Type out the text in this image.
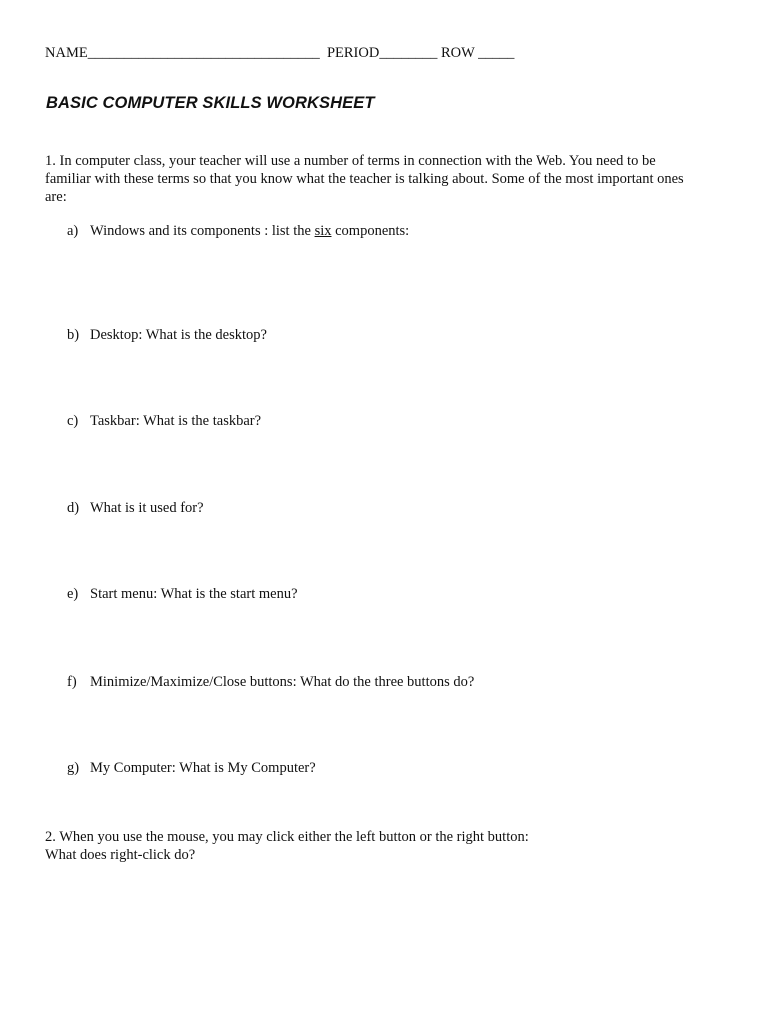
NAME________________________________ PERIOD________ ROW _____
BASIC COMPUTER SKILLS WORKSHEET
1. In computer class, your teacher will use a number of terms in connection with the Web. You need to be
familiar with these terms so that you know what the teacher is talking about. Some of the most important ones
are:
a) Windows and its components : list the six components:
b) Desktop: What is the desktop?
c) Taskbar: What is the taskbar?
d) What is it used for?
e) Start menu: What is the start menu?
f) Minimize/Maximize/Close buttons: What do the three buttons do?
g) My Computer: What is My Computer?
2. When you use the mouse, you may click either the left button or the right button:
What does right-click do?
